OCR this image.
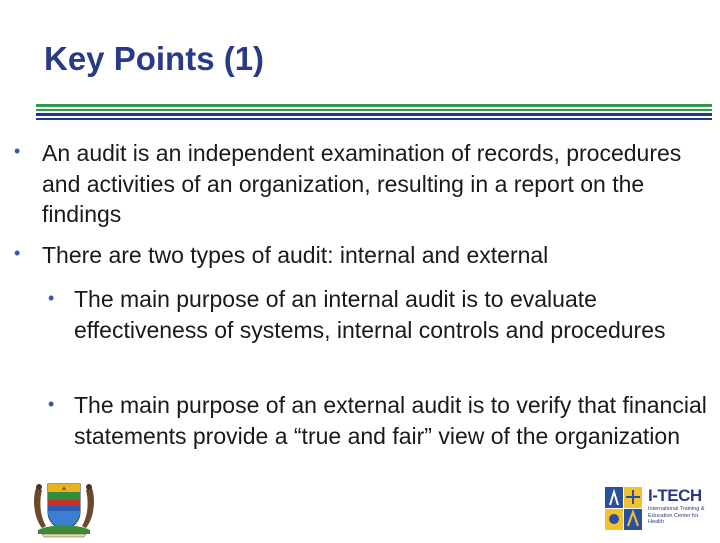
Key Points (1)
• An audit is an independent examination of records, procedures and activities of an organization, resulting in a report on the findings
• There are two types of audit: internal and external
• The main purpose of an internal audit is to evaluate effectiveness of systems, internal controls and procedures
• The main purpose of an external audit is to verify that financial statements provide a “true and fair” view of the organization
I-TECH
International Training & Education Center for Health
